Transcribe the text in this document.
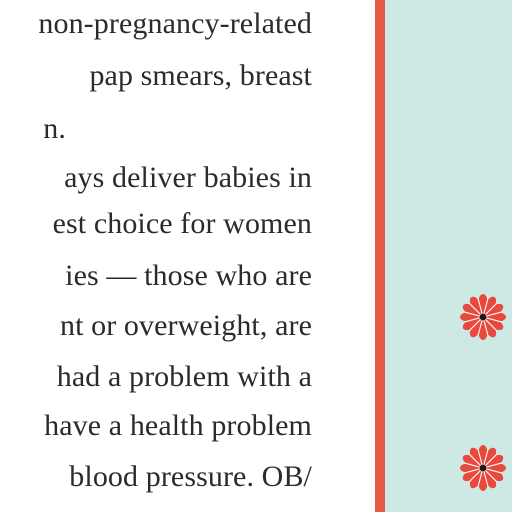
non-pregnancy-related
pap smears, breast
n.
ays deliver babies in
est choice for women
ies — those who are
nt or overweight, are
had a problem with a
have a health problem
blood pressure. OB/
